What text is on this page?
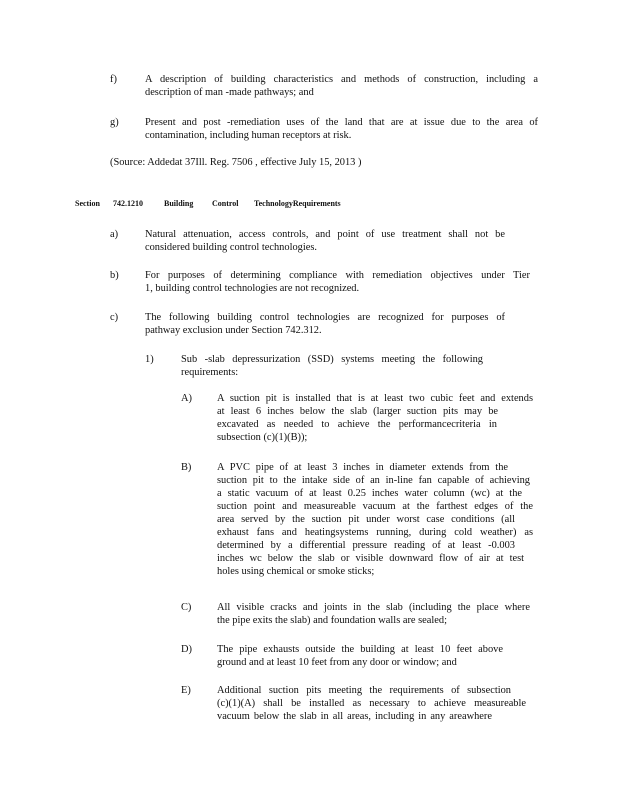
f)	A description of building characteristics and methods of construction, including a
description of man -made pathways; and
g)	Present and post -remediation uses of the land that are at issue due to the area of
contamination, including human receptors at risk.
(Source: Addedat 37Ill. Reg. 7506 , effective July 15, 2013 )
Section 742.1210	Building Control TechnologyRequirements
a)	Natural attenuation, access controls, and point of use treatment shall not be
considered building control technologies.
b)	For purposes of determining compliance with remediation objectives under Tier
1, building control technologies are not recognized.
c)	The following building control technologies are recognized for purposes of
pathway exclusion under Section 742.312.
1)	Sub -slab depressurization (SSD) systems meeting the following
requirements:
A) A suction pit is installed that is at least two cubic feet and extends
at least 6 inches below the slab (larger suction pits may be
excavated as needed to achieve the performancecriteria in
subsection (c)(1)(B));
B) A PVC pipe of at least 3 inches in diameter extends from the
suction pit to the intake side of an in-line fan capable of achieving
a static vacuum of at least 0.25 inches water column (wc) at the
suction point and measureable vacuum at the farthest edges of the
area served by the suction pit under worst case conditions (all
exhaust fans and heatingsystems running, during cold weather) as
determined by a differential pressure reading of at least -0.003
inches wc below the slab or visible downward flow of air at test
holes using chemical or smoke sticks;
C) All visible cracks and joints in the slab (including the place where
the pipe exits the slab) and foundation walls are sealed;
D) The pipe exhausts outside the building at least 10 feet above
ground and at least 10 feet from any door or window; and
E)	Additional suction pits meeting the requirements of subsection
(c)(1)(A) shall be installed as necessary to achieve measureable
vacuum below the slab in all areas, including in any areawhere
